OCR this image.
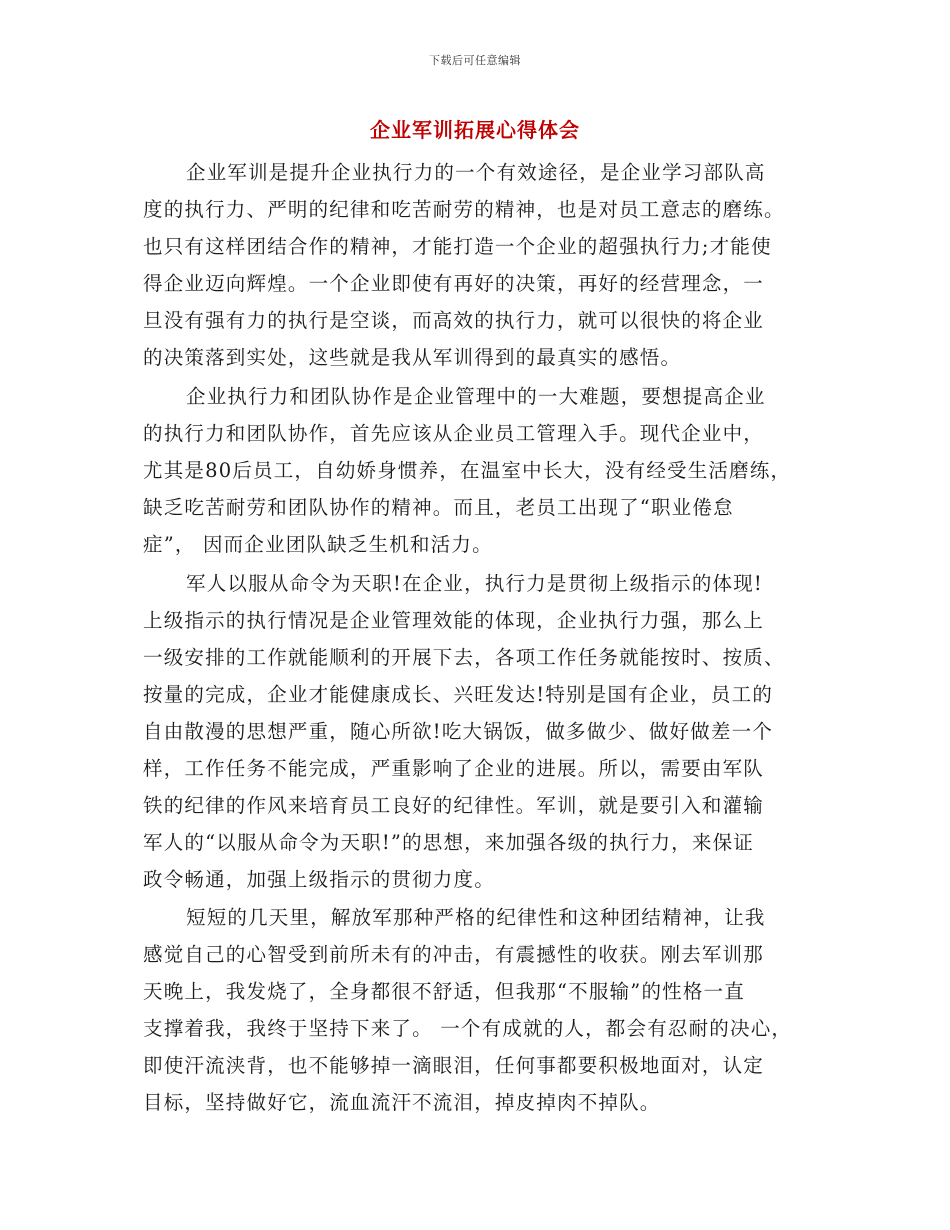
下载后可任意编辑
企业军训拓展心得体会
企业军训是提升企业执行力的一个有效途径，是企业学习部队高
度的执行力、严明的纪律和吃苦耐劳的精神，也是对员工意志的磨练。
也只有这样团结合作的精神，才能打造一个企业的超强执行力;才能使
得企业迈向辉煌。一个企业即使有再好的决策，再好的经营理念，一
旦没有强有力的执行是空谈，而高效的执行力，就可以很快的将企业
的决策落到实处，这些就是我从军训得到的最真实的感悟。
企业执行力和团队协作是企业管理中的一大难题，要想提高企业
的执行力和团队协作，首先应该从企业员工管理入手。现代企业中，
尤其是80后员工，自幼娇身惯养，在温室中长大，没有经受生活磨练，
缺乏吃苦耐劳和团队协作的精神。而且，老员工出现了“职业倦怠
症”， 因而企业团队缺乏生机和活力。
军人以服从命令为天职!在企业，执行力是贯彻上级指示的体现!
上级指示的执行情况是企业管理效能的体现，企业执行力强，那么上
一级安排的工作就能顺利的开展下去，各项工作任务就能按时、按质、
按量的完成，企业才能健康成长、兴旺发达!特别是国有企业，员工的
自由散漫的思想严重，随心所欲!吃大锅饭，做多做少、做好做差一个
样，工作任务不能完成，严重影响了企业的进展。所以，需要由军队
铁的纪律的作风来培育员工良好的纪律性。军训，就是要引入和灌输
军人的“以服从命令为天职!”的思想，来加强各级的执行力，来保证
政令畅通，加强上级指示的贯彻力度。
短短的几天里，解放军那种严格的纪律性和这种团结精神，让我
感觉自己的心智受到前所未有的冲击，有震撼性的收获。刚去军训那
天晚上，我发烧了，全身都很不舒适，但我那“不服输”的性格一直
支撑着我，我终于坚持下来了。 一个有成就的人，都会有忍耐的决心，
即使汗流浃背，也不能够掉一滴眼泪，任何事都要积极地面对，认定
目标，坚持做好它，流血流汗不流泪，掉皮掉肉不掉队。
